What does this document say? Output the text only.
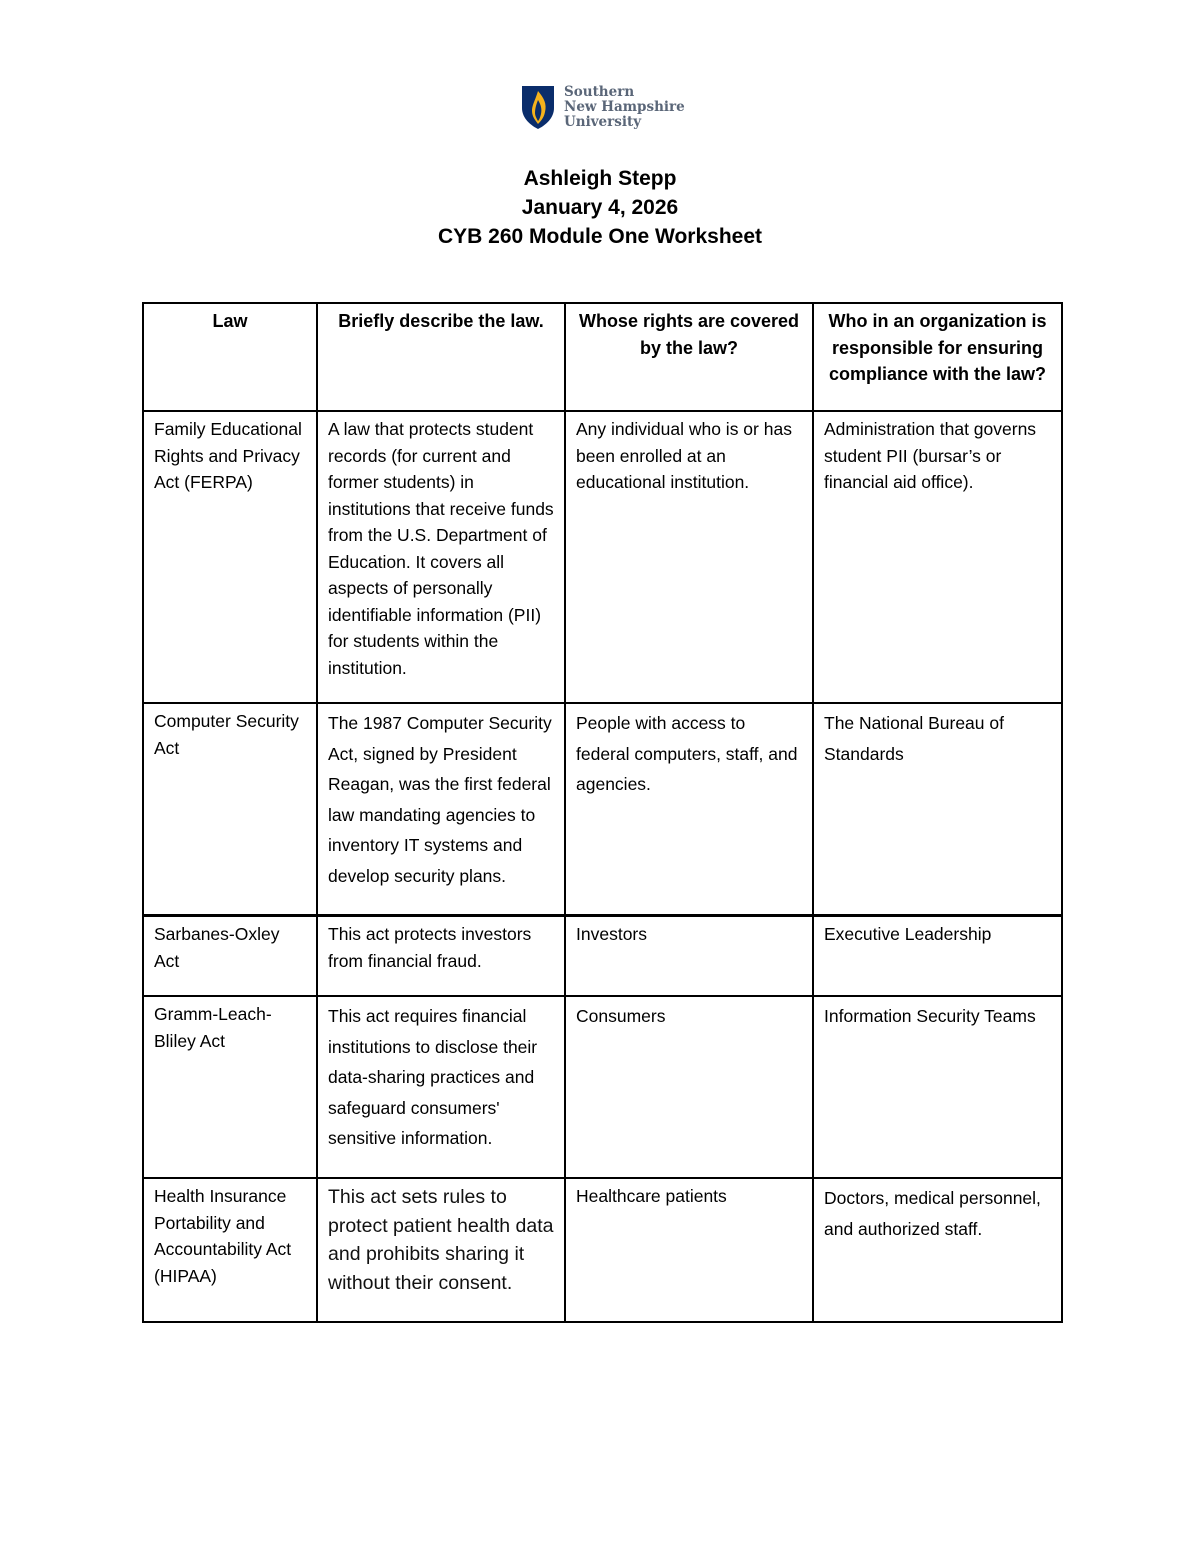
Southern
New Hampshire
University
Ashleigh Stepp
January 4, 2026
CYB 260 Module One Worksheet
Law	Briefly describe the law.	Whose rights are covered by the law?	Who in an organization is responsible for ensuring compliance with the law?
Family Educational Rights and Privacy Act (FERPA)	A law that protects student records (for current and former students) in institutions that receive funds from the U.S. Department of Education. It covers all aspects of personally identifiable information (PII) for students within the institution.	Any individual who is or has been enrolled at an educational institution.	Administration that governs student PII (bursar’s or financial aid office).
Computer Security Act	The 1987 Computer Security Act, signed by President Reagan, was the first federal law mandating agencies to inventory IT systems and develop security plans.	People with access to federal computers, staff, and agencies.	The National Bureau of Standards
Sarbanes-Oxley Act	This act protects investors from financial fraud.	Investors	Executive Leadership
Gramm-Leach-Bliley Act	This act requires financial institutions to disclose their data-sharing practices and safeguard consumers' sensitive information.	Consumers	Information Security Teams
Health Insurance Portability and Accountability Act (HIPAA)	This act sets rules to protect patient health data and prohibits sharing it without their consent.	Healthcare patients	Doctors, medical personnel, and authorized staff.
